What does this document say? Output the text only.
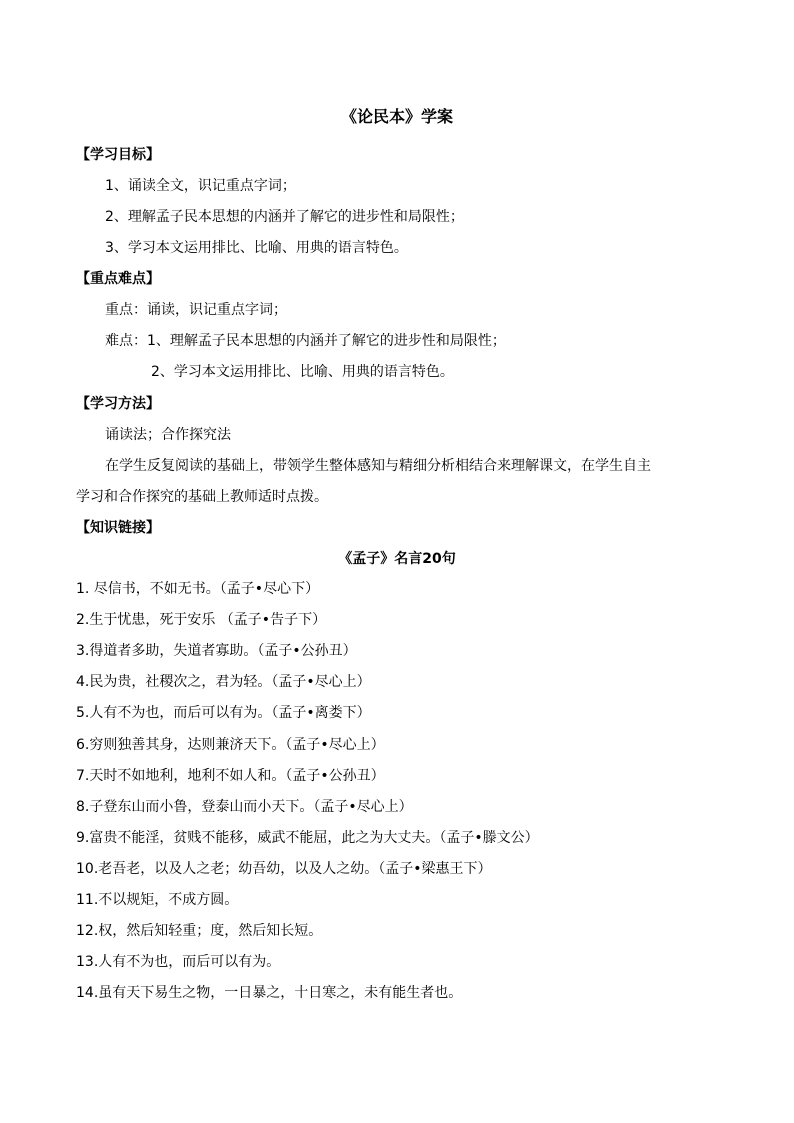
《论民本》学案
【学习目标】
1、诵读全文，识记重点字词；
2、理解孟子民本思想的内涵并了解它的进步性和局限性；
3、学习本文运用排比、比喻、用典的语言特色。
【重点难点】
重点：诵读，识记重点字词；
难点：1、理解孟子民本思想的内涵并了解它的进步性和局限性；
2、学习本文运用排比、比喻、用典的语言特色。
【学习方法】
诵读法；合作探究法
在学生反复阅读的基础上，带领学生整体感知与精细分析相结合来理解课文，在学生自主
学习和合作探究的基础上教师适时点拨。
【知识链接】
《孟子》名言20句
1. 尽信书，不如无书。（孟子•尽心下）
2.生于忧患，死于安乐 （孟子•告子下）
3.得道者多助，失道者寡助。（孟子•公孙丑）
4.民为贵，社稷次之，君为轻。（孟子•尽心上）
5.人有不为也，而后可以有为。（孟子•离娄下）
6.穷则独善其身，达则兼济天下。（孟子•尽心上）
7.天时不如地利，地利不如人和。（孟子•公孙丑）
8.子登东山而小鲁，登泰山而小天下。（孟子•尽心上）
9.富贵不能淫，贫贱不能移，威武不能屈，此之为大丈夫。（孟子•滕文公）
10.老吾老，以及人之老；幼吾幼，以及人之幼。（孟子•梁惠王下）
11.不以规矩，不成方圆。
12.权，然后知轻重；度，然后知长短。
13.人有不为也，而后可以有为。
14.虽有天下易生之物，一日暴之，十日寒之，未有能生者也。
